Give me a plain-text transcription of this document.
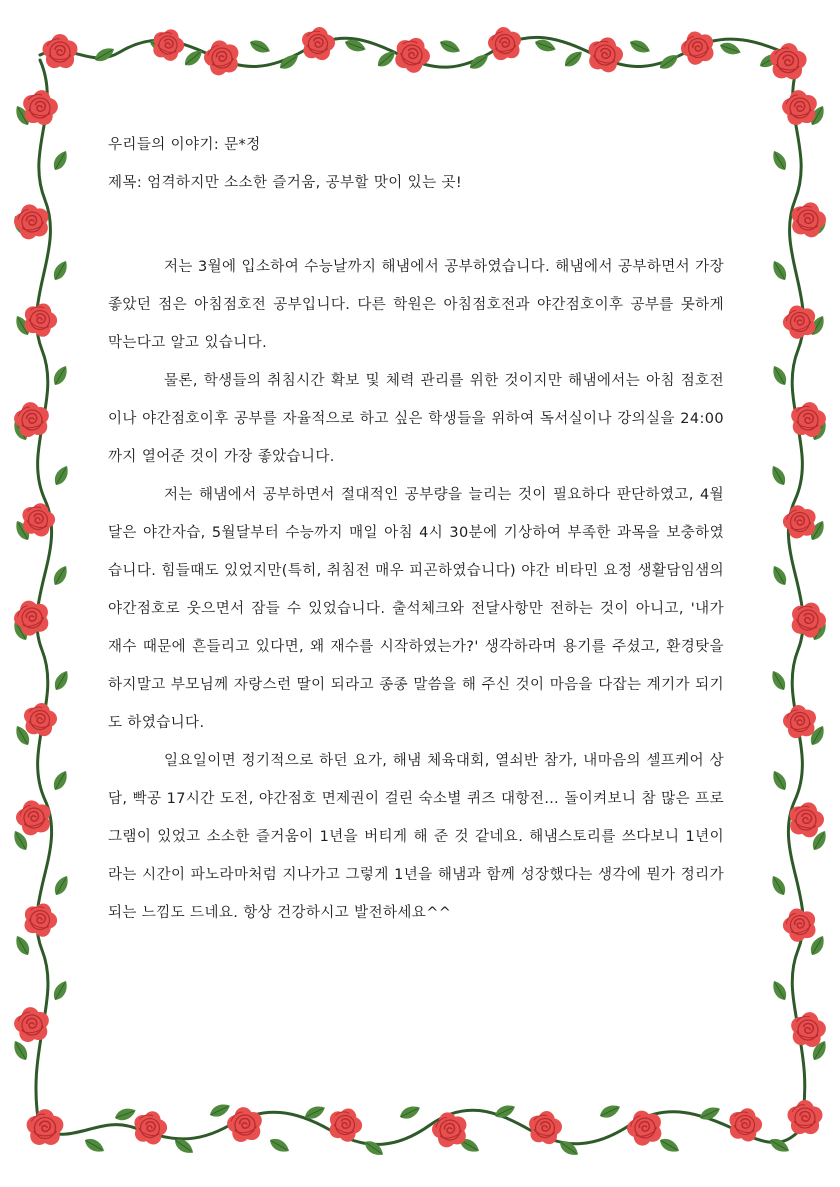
우리들의 이야기: 문*정

제목: 엄격하지만 소소한 즐거움, 공부할 맛이 있는 곳!

저는 3월에 입소하여 수능날까지 해냄에서 공부하였습니다. 해냄에서 공부하면서 가장 좋았던 점은 아침점호전 공부입니다. 다른 학원은 아침점호전과 야간점호이후 공부를 못하게 막는다고 알고 있습니다.

물론, 학생들의 취침시간 확보 및 체력 관리를 위한 것이지만 해냄에서는 아침 점호전이나 야간점호이후 공부를 자율적으로 하고 싶은 학생들을 위하여 독서실이나 강의실을 24:00까지 열어준 것이 가장 좋았습니다.

저는 해냄에서 공부하면서 절대적인 공부량을 늘리는 것이 필요하다 판단하였고, 4월달은 야간자습, 5월달부터 수능까지 매일 아침 4시 30분에 기상하여 부족한 과목을 보충하였습니다. 힘들때도 있었지만(특히, 취침전 매우 피곤하였습니다) 야간 비타민 요정 생활담임샘의 야간점호로 웃으면서 잠들 수 있었습니다. 출석체크와 전달사항만 전하는 것이 아니고, '내가 재수 때문에 흔들리고 있다면, 왜 재수를 시작하였는가?' 생각하라며 용기를 주셨고, 환경탓을 하지말고 부모님께 자랑스런 딸이 되라고 종종 말씀을 해 주신 것이 마음을 다잡는 계기가 되기도 하였습니다.

일요일이면 정기적으로 하던 요가, 해냄 체육대회, 열쇠반 참가, 내마음의 셀프케어 상담, 빡공 17시간 도전, 야간점호 면제권이 걸린 숙소별 퀴즈 대항전… 돌이켜보니 참 많은 프로그램이 있었고 소소한 즐거움이 1년을 버티게 해 준 것 같네요. 해냄스토리를 쓰다보니 1년이라는 시간이 파노라마처럼 지나가고 그렇게 1년을 해냄과 함께 성장했다는 생각에 뭔가 정리가 되는 느낌도 드네요. 항상 건강하시고 발전하세요^^
